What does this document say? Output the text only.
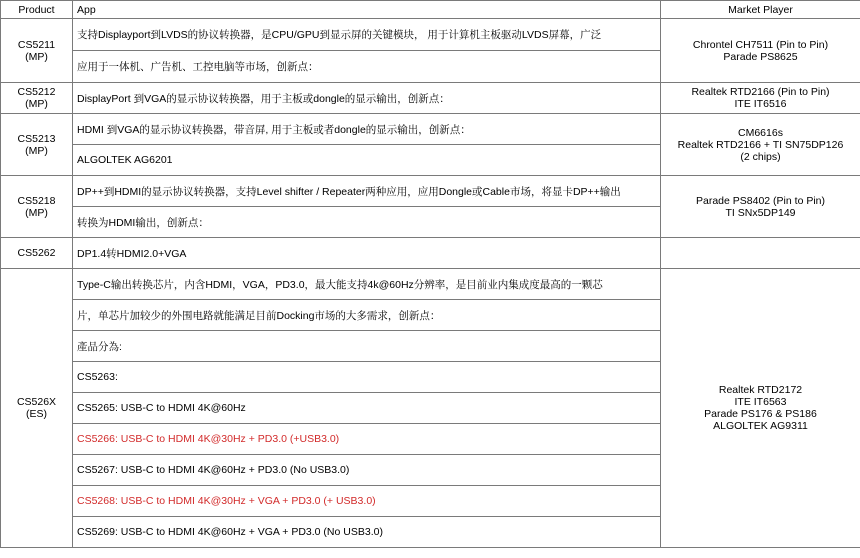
Product	App	Market Player

CS5211
(MP)	支持Displayport到LVDS的协议转换器，是CPU/GPU到显示屏的关键模块， 用于计算机主板驱动LVDS屏幕，广泛	Chrontel CH7511 (Pin to Pin)
Parade PS8625

	应用于一体机、广告机、工控电脑等市场，创新点：	

CS5212
(MP)	DisplayPort 到VGA的显示协议转换器，用于主板或dongle的显示输出，创新点：	Realtek RTD2166 (Pin to Pin)
ITE IT6516

CS5213
(MP)	HDMI 到VGA的显示协议转换器，带音屏, 用于主板或者dongle的显示输出，创新点：	CM6616s
Realtek RTD2166 + TI SN75DP126
(2 chips)

	ALGOLTEK AG6201	

CS5218
(MP)	DP++到HDMI的显示协议转换器，支持Level shifter / Repeater两种应用，应用Dongle或Cable市场，将显卡DP++输出	Parade PS8402 (Pin to Pin)
TI SNx5DP149

	转换为HDMI输出，创新点：	

CS5262	DP1.4转HDMI2.0+VGA	

CS526X
(ES)	Type-C输出转换芯片，内含HDMI，VGA，PD3.0，最大能支持4k@60Hz分辨率，是目前业内集成度最高的一颗芯	Realtek RTD2172
ITE IT6563
Parade PS176 & PS186
ALGOLTEK AG9311

	片，单芯片加较少的外围电路就能满足目前Docking市场的大多需求，创新点：	
	產品分為:	
	CS5263:	
	CS5265: USB-C to HDMI 4K@60Hz	
	CS5266: USB-C to HDMI 4K@30Hz + PD3.0 (+USB3.0)	
	CS5267: USB-C to HDMI 4K@60Hz + PD3.0 (No USB3.0)	
	CS5268: USB-C to HDMI 4K@30Hz + VGA + PD3.0 (+ USB3.0)	
	CS5269: USB-C to HDMI 4K@60Hz + VGA + PD3.0 (No USB3.0)	
